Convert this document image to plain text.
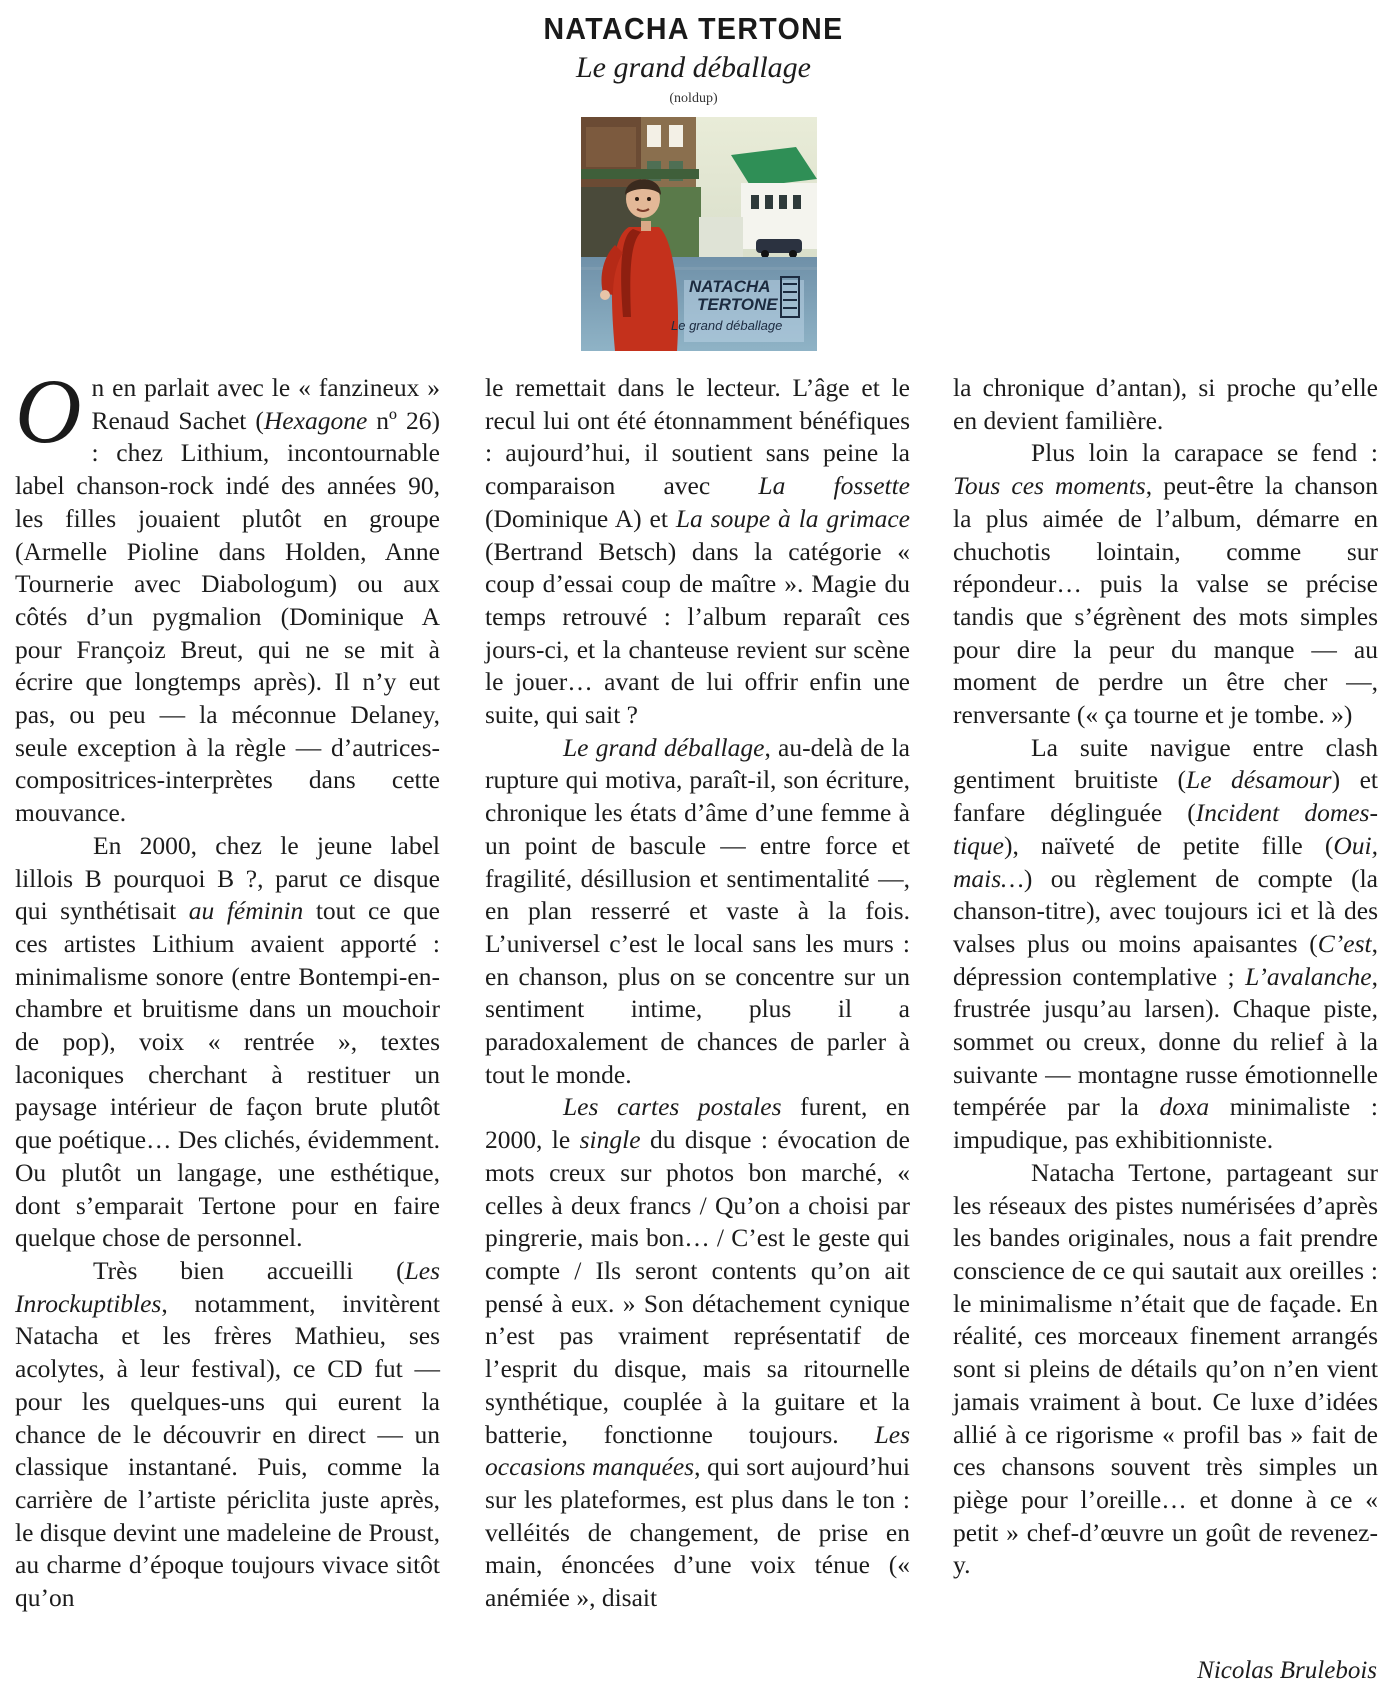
NATACHA TERTONE
Le grand déballage
(noldup)
NATACHA
TERTONE
Le grand déballage

On en parlait avec le « fanzineux » Renaud Sachet (Hexagone nº 26) : chez Lithium, incontournable label chanson-rock indé des années 90, les filles jouaient plutôt en groupe (Armelle Pioline dans Holden, Anne Tournerie avec Diabologum) ou aux côtés d’un pygmalion (Dominique A pour Françoiz Breut, qui ne se mit à écrire que longtemps après). Il n’y eut pas, ou peu — la méconnue Delaney, seule exception à la règle — d’autrices-compositrices-interprètes dans cette mouvance.

En 2000, chez le jeune label lillois B pourquoi B ?, parut ce disque qui synthétisait au féminin tout ce que ces artistes Lithium avaient apporté : minimalisme sonore (entre Bontempi-en-chambre et bruitisme dans un mouchoir de pop), voix « rentrée », textes laconiques cherchant à restituer un paysage intérieur de façon brute plutôt que poétique… Des clichés, évidemment. Ou plutôt un langage, une esthétique, dont s’emparait Tertone pour en faire quelque chose de personnel.

Très bien accueilli (Les Inrockuptibles, notamment, invitèrent Natacha et les frères Mathieu, ses acolytes, à leur festival), ce CD fut — pour les quelques-uns qui eurent la chance de le découvrir en direct — un classique instantané. Puis, comme la carrière de l’artiste périclita juste après, le disque devint une madeleine de Proust, au charme d’époque toujours vivace sitôt qu’on

le remettait dans le lecteur. L’âge et le recul lui ont été étonnamment bénéfiques : aujourd’hui, il soutient sans peine la comparaison avec La fossette (Dominique A) et La soupe à la grimace (Bertrand Betsch) dans la catégorie « coup d’essai coup de maître ». Magie du temps retrouvé : l’album reparaît ces jours-ci, et la chanteuse revient sur scène le jouer… avant de lui offrir enfin une suite, qui sait ?

Le grand déballage, au-delà de la rupture qui motiva, paraît-il, son écriture, chronique les états d’âme d’une femme à un point de bascule — entre force et fragilité, désillusion et sentimentalité —, en plan resserré et vaste à la fois. L’universel c’est le local sans les murs : en chanson, plus on se concentre sur un sentiment intime, plus il a paradoxalement de chances de parler à tout le monde.

Les cartes postales furent, en 2000, le single du disque : évocation de mots creux sur photos bon marché, « celles à deux francs / Qu’on a choisi par pingrerie, mais bon… / C’est le geste qui compte / Ils seront contents qu’on ait pensé à eux. » Son détachement cynique n’est pas vraiment représentatif de l’esprit du disque, mais sa ritournelle synthétique, couplée à la guitare et la batterie, fonctionne toujours. Les occasions manquées, qui sort aujourd’hui sur les plateformes, est plus dans le ton : velléités de changement, de prise en main, énoncées d’une voix ténue (« anémiée », disait

la chronique d’antan), si proche qu’elle en devient familière.

Plus loin la carapace se fend : Tous ces moments, peut-être la chanson la plus aimée de l’album, démarre en chuchotis lointain, comme sur répondeur… puis la valse se précise tandis que s’égrènent des mots simples pour dire la peur du manque — au moment de perdre un être cher —, renversante (« ça tourne et je tombe. »)

La suite navigue entre clash gentiment bruitiste (Le désamour) et fanfare déglinguée (Incident domestique), naïveté de petite fille (Oui, mais…) ou règlement de compte (la chanson-titre), avec toujours ici et là des valses plus ou moins apaisantes (C’est, dépression contemplative ; L’avalanche, frustrée jusqu’au larsen). Chaque piste, sommet ou creux, donne du relief à la suivante — montagne russe émotionnelle tempérée par la doxa minimaliste : impudique, pas exhibitionniste.

Natacha Tertone, partageant sur les réseaux des pistes numérisées d’après les bandes originales, nous a fait prendre conscience de ce qui sautait aux oreilles : le minimalisme n’était que de façade. En réalité, ces morceaux finement arrangés sont si pleins de détails qu’on n’en vient jamais vraiment à bout. Ce luxe d’idées allié à ce rigorisme « profil bas » fait de ces chansons souvent très simples un piège pour l’oreille… et donne à ce « petit » chef-d’œuvre un goût de revenez-y.

Nicolas Brulebois
